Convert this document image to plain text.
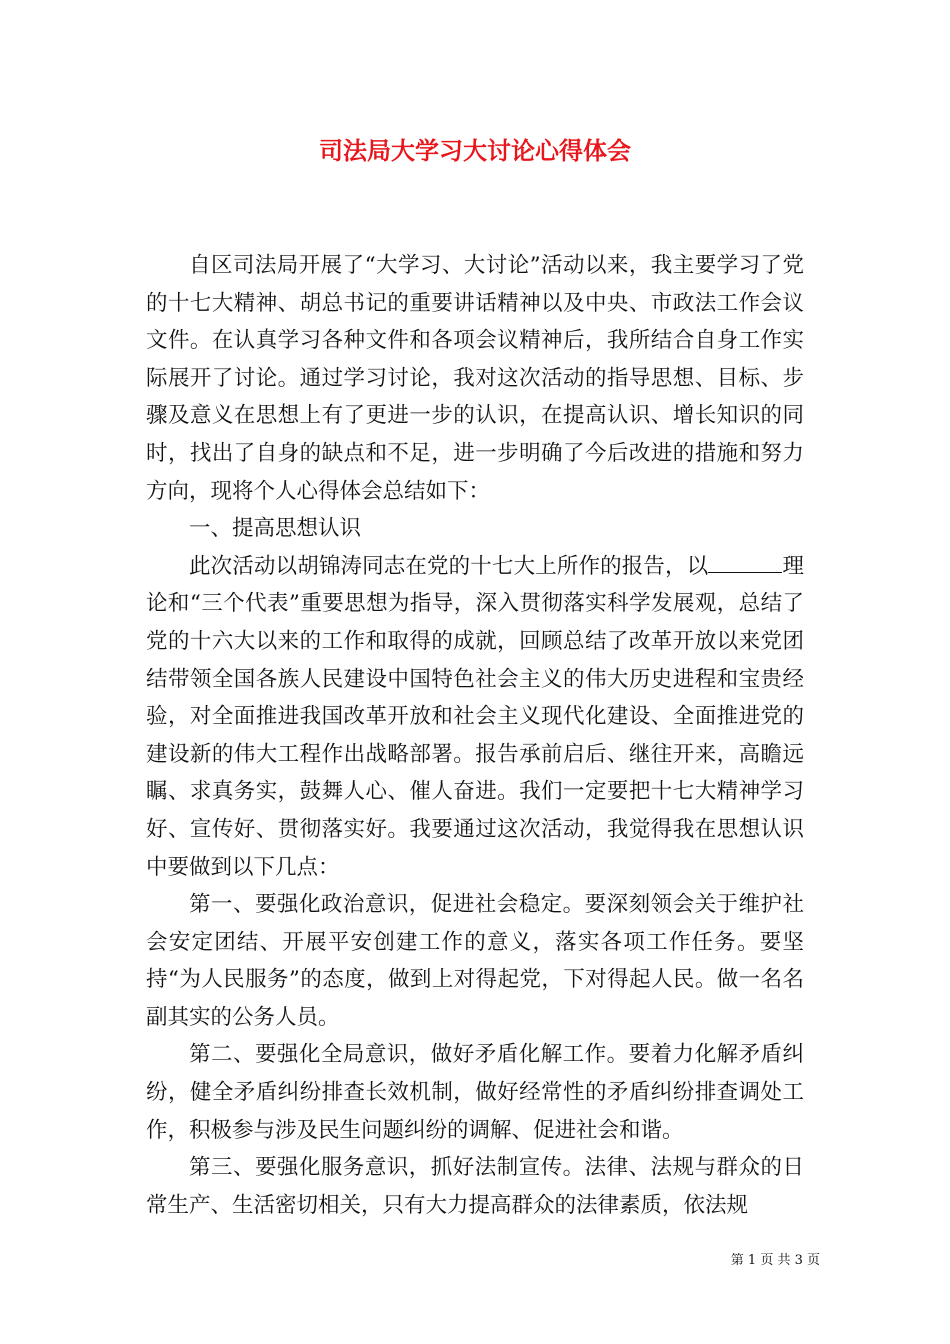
司法局大学习大讨论心得体会

自区司法局开展了“大学习、大讨论”活动以来，我主要学习了党的十七大精神、胡总书记的重要讲话精神以及中央、市政法工作会议文件。在认真学习各种文件和各项会议精神后，我所结合自身工作实际展开了讨论。通过学习讨论，我对这次活动的指导思想、目标、步骤及意义在思想上有了更进一步的认识，在提高认识、增长知识的同时，找出了自身的缺点和不足，进一步明确了今后改进的措施和努力方向，现将个人心得体会总结如下：

一、提高思想认识

此次活动以胡锦涛同志在党的十七大上所作的报告，以	理论和“三个代表”重要思想为指导，深入贯彻落实科学发展观，总结了党的十六大以来的工作和取得的成就，回顾总结了改革开放以来党团结带领全国各族人民建设中国特色社会主义的伟大历史进程和宝贵经验，对全面推进我国改革开放和社会主义现代化建设、全面推进党的建设新的伟大工程作出战略部署。报告承前启后、继往开来，高瞻远瞩、求真务实，鼓舞人心、催人奋进。我们一定要把十七大精神学习好、宣传好、贯彻落实好。我要通过这次活动，我觉得我在思想认识中要做到以下几点：

第一、要强化政治意识，促进社会稳定。要深刻领会关于维护社会安定团结、开展平安创建工作的意义，落实各项工作任务。要坚持“为人民服务”的态度，做到上对得起党，下对得起人民。做一名名副其实的公务人员。

第二、要强化全局意识，做好矛盾化解工作。要着力化解矛盾纠纷，健全矛盾纠纷排查长效机制，做好经常性的矛盾纠纷排查调处工作，积极参与涉及民生问题纠纷的调解、促进社会和谐。

第三、要强化服务意识，抓好法制宣传。法律、法规与群众的日常生产、生活密切相关，只有大力提高群众的法律素质，依法规

第 1 页 共 3 页
